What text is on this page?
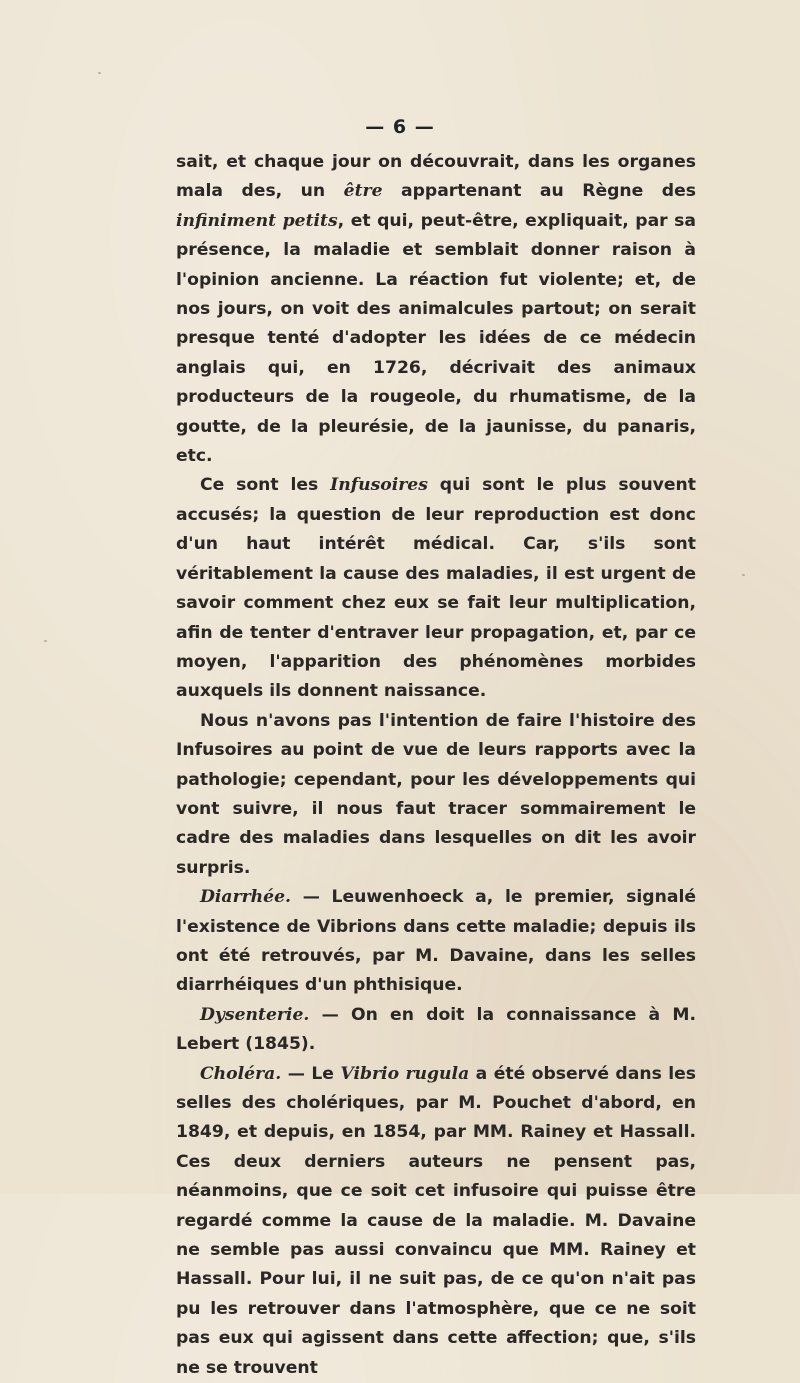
— 6 —

sait, et chaque jour on découvrait, dans les organes mala des, un être appartenant au Règne des infiniment petits, et qui, peut-être, expliquait, par sa présence, la maladie et semblait donner raison à l'opinion ancienne. La réaction fut violente; et, de nos jours, on voit des animalcules partout; on serait presque tenté d'adopter les idées de ce médecin anglais qui, en 1726, décrivait des animaux producteurs de la rougeole, du rhumatisme, de la goutte, de la pleurésie, de la jaunisse, du panaris, etc.

Ce sont les Infusoires qui sont le plus souvent accusés; la question de leur reproduction est donc d'un haut intérêt médical. Car, s'ils sont véritablement la cause des maladies, il est urgent de savoir comment chez eux se fait leur multiplication, afin de tenter d'entraver leur propagation, et, par ce moyen, l'apparition des phénomènes morbides auxquels ils donnent naissance.

Nous n'avons pas l'intention de faire l'histoire des Infusoires au point de vue de leurs rapports avec la pathologie; cependant, pour les développements qui vont suivre, il nous faut tracer sommairement le cadre des maladies dans lesquelles on dit les avoir surpris.

Diarrhée. — Leuwenhoeck a, le premier, signalé l'existence de Vibrions dans cette maladie; depuis ils ont été retrouvés, par M. Davaine, dans les selles diarrhéiques d'un phthisique.

Dysenterie. — On en doit la connaissance à M. Lebert (1845).

Choléra. — Le Vibrio rugula a été observé dans les selles des cholériques, par M. Pouchet d'abord, en 1849, et depuis, en 1854, par MM. Rainey et Hassall. Ces deux derniers auteurs ne pensent pas, néanmoins, que ce soit cet infusoire qui puisse être regardé comme la cause de la maladie. M. Davaine ne semble pas aussi convaincu que MM. Rainey et Hassall. Pour lui, il ne suit pas, de ce qu'on n'ait pas pu les retrouver dans l'atmosphère, que ce ne soit pas eux qui agissent dans cette affection; que, s'ils ne se trouvent
